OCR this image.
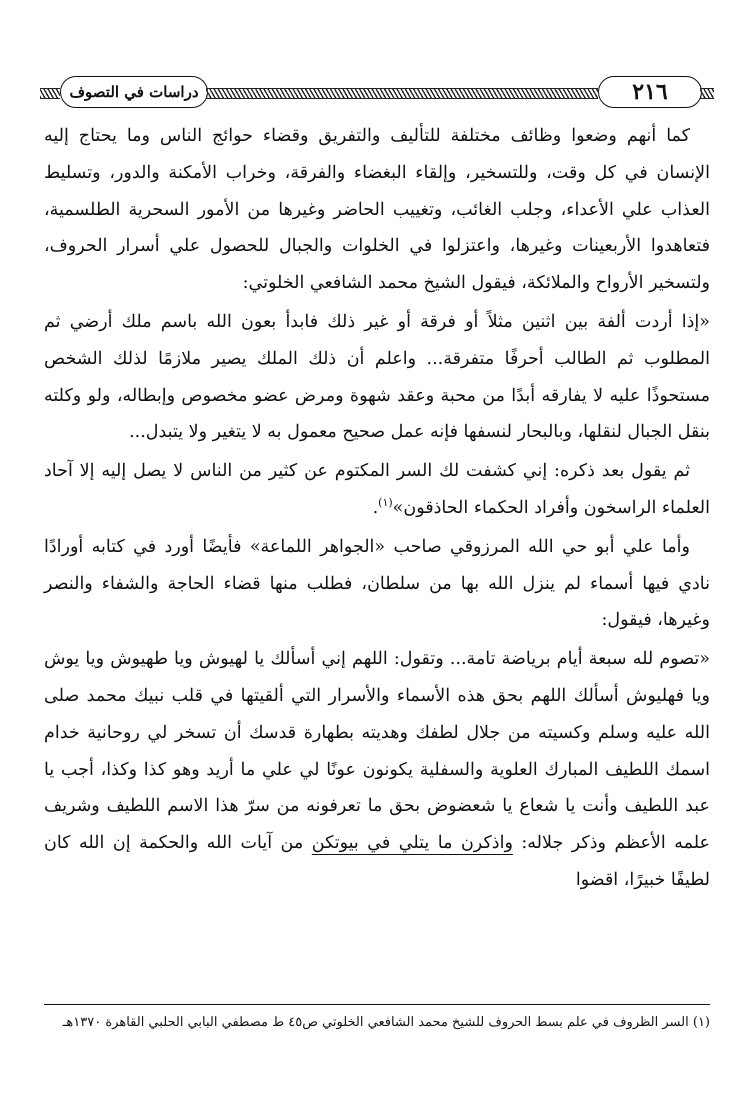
دراسات في التصوف	٢١٦

كما أنهم وضعوا وظائف مختلفة للتأليف والتفريق وقضاء حوائج الناس وما يحتاج إليه الإنسان في كل وقت، وللتسخير، وإلقاء البغضاء والفرقة، وخراب الأمكنة والدور، وتسليط العذاب علي الأعداء، وجلب الغائب، وتغييب الحاضر وغيرها من الأمور السحرية الطلسمية، فتعاهدوا الأربعينات وغيرها، واعتزلوا في الخلوات والجبال للحصول علي أسرار الحروف، ولتسخير الأرواح والملائكة، فيقول الشيخ محمد الشافعي الخلوتي:

«إذا أردت ألفة بين اثنين مثلاً أو فرقة أو غير ذلك فابدأ بعون الله باسم ملك أرضي ثم المطلوب ثم الطالب أحرفًا متفرقة... واعلم أن ذلك الملك يصير ملازمًا لذلك الشخص مستحوذًا عليه لا يفارقه أبدًا من محبة وعقد شهوة ومرض عضو مخصوص وإبطاله، ولو وكلته بنقل الجبال لنقلها، وبالبحار لنسفها فإنه عمل صحيح معمول به لا يتغير ولا يتبدل...

ثم يقول بعد ذكره: إني كشفت لك السر المكتوم عن كثير من الناس لا يصل إليه إلا آحاد العلماء الراسخون وأفراد الحكماء الحاذقون»$^{(١)}$.

وأما علي أبو حي الله المرزوقي صاحب «الجواهر اللماعة» فأيضًا أورد في كتابه أورادًا نادي فيها أسماء لم ينزل الله بها من سلطان، فطلب منها قضاء الحاجة والشفاء والنصر وغيرها، فيقول:

«تصوم لله سبعة أيام برياضة تامة... وتقول: اللهم إني أسألك يا لهيوش ويا طهيوش ويا يوش ويا فهليوش أسألك اللهم بحق هذه الأسماء والأسرار التي ألقيتها في قلب نبيك محمد صلى الله عليه وسلم وكسيته من جلال لطفك وهديته بطهارة قدسك أن تسخر لي روحانية خدام اسمك اللطيف المبارك العلوية والسفلية يكونون عونًا لي علي ما أريد وهو كذا وكذا، أجب يا عبد اللطيف وأنت يا شعاع يا شعضوض بحق ما تعرفونه من سرّ هذا الاسم اللطيف وشريف علمه الأعظم وذكر جلاله: واذكرن ما يتلي في بيوتكن من آيات الله والحكمة إن الله كان لطيفًا خبيرًا، اقضوا

(١) السر الظروف في علم بسط الحروف للشيخ محمد الشافعي الخلوتي ص٤٥ ط مصطفي البابي الحلبي القاهرة ١٣٧٠هـ
